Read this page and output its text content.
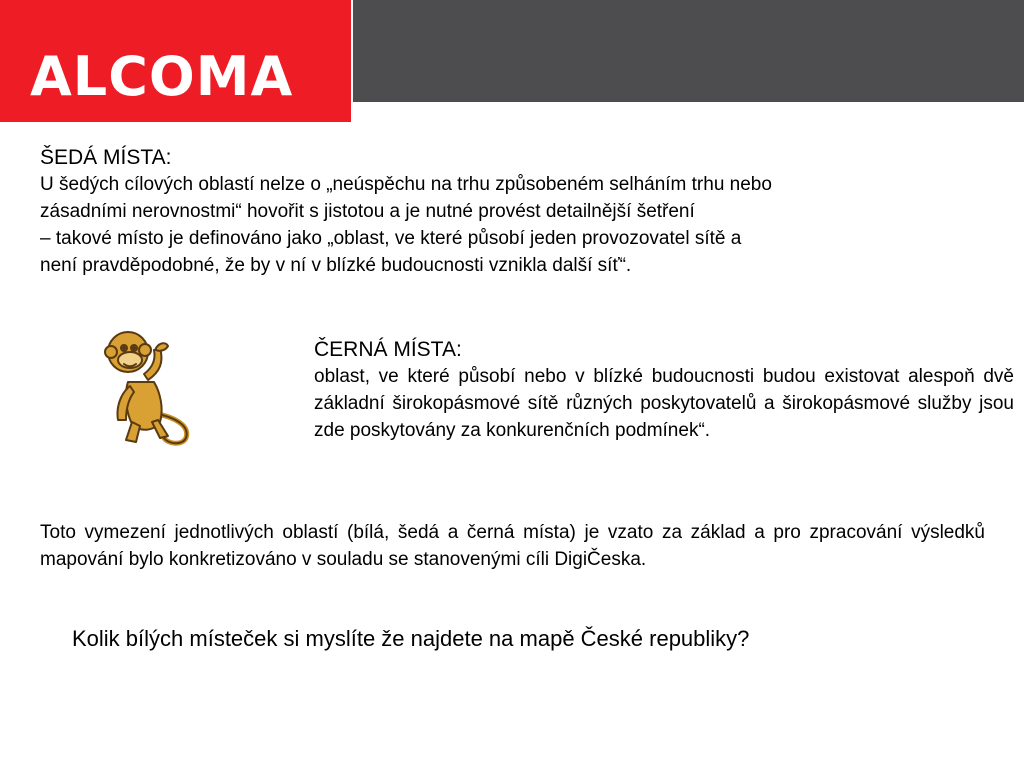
ALCOMA
ŠEDÁ MÍSTA:
U šedých cílových oblastí nelze o „neúspěchu na trhu způsobeném selháním trhu nebo
zásadními nerovnostmi“ hovořit s jistotou a je nutné provést detailnější šetření
– takové místo je definováno jako „oblast, ve které působí jeden provozovatel sítě a
není pravděpodobné, že by v ní v blízké budoucnosti vznikla další síť“.
ČERNÁ MÍSTA:

oblast, ve které působí nebo v blízké budoucnosti budou existovat alespoň dvě základní širokopásmové sítě různých poskytovatelů a širokopásmové služby jsou zde poskytovány za konkurenčních podmínek“.

Toto vymezení jednotlivých oblastí (bílá, šedá a černá místa) je vzato za základ a pro zpracování výsledků mapování bylo konkretizováno v souladu se stanovenými cíli DigiČeska.

Kolik bílých místeček si myslíte že najdete na mapě České republiky?
